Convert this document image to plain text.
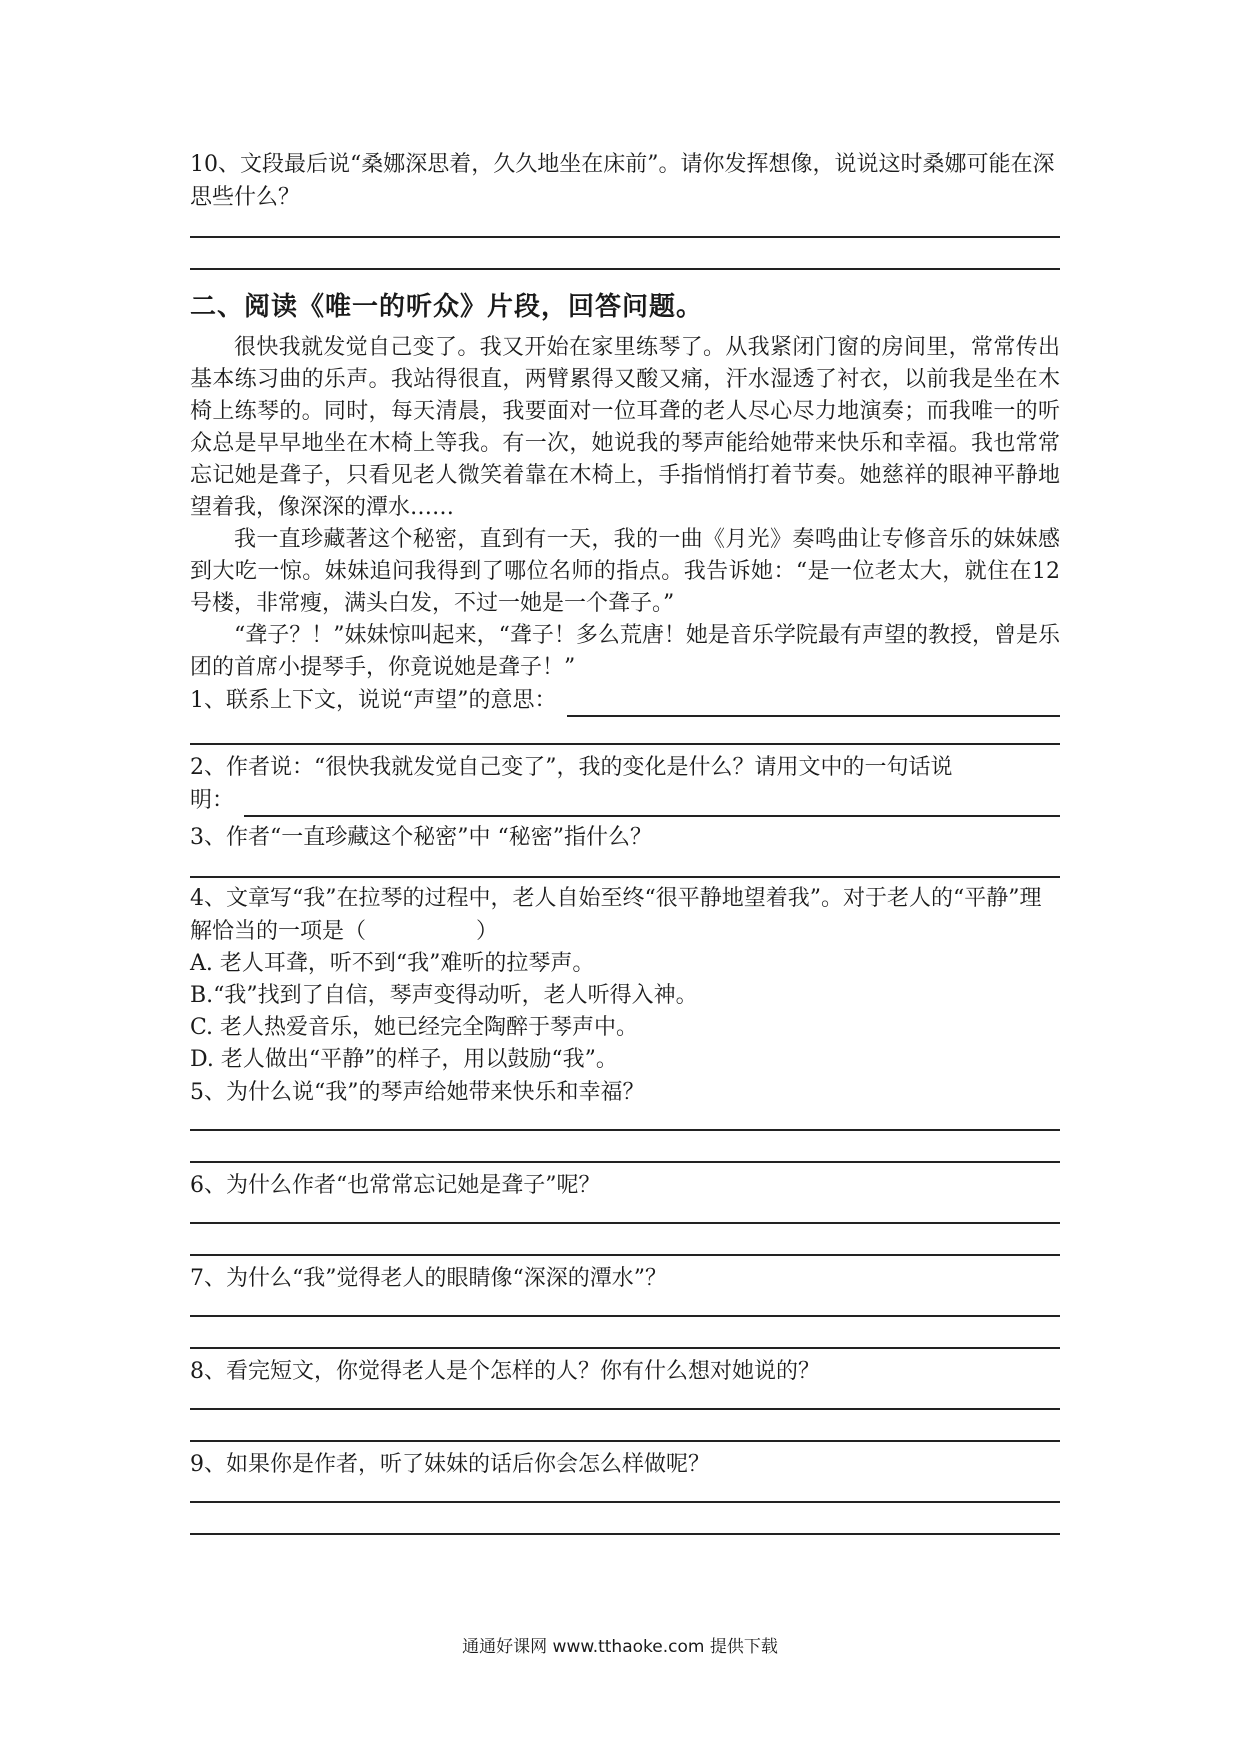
10、文段最后说“桑娜深思着，久久地坐在床前”。请你发挥想像，说说这时桑娜可能在深思些什么？

二、阅读《唯一的听众》片段，回答问题。

很快我就发觉自己变了。我又开始在家里练琴了。从我紧闭门窗的房间里，常常传出基本练习曲的乐声。我站得很直，两臂累得又酸又痛，汗水湿透了衬衣，以前我是坐在木椅上练琴的。同时，每天清晨，我要面对一位耳聋的老人尽心尽力地演奏；而我唯一的听众总是早早地坐在木椅上等我。有一次，她说我的琴声能给她带来快乐和幸福。我也常常忘记她是聋子，只看见老人微笑着靠在木椅上，手指悄悄打着节奏。她慈祥的眼神平静地望着我，像深深的潭水……

我一直珍藏著这个秘密，直到有一天，我的一曲《月光》奏鸣曲让专修音乐的妹妹感到大吃一惊。妹妹追问我得到了哪位名师的指点。我告诉她：“是一位老太大，就住在12号楼，非常瘦，满头白发，不过一她是一个聋子。”

“聋子？！”妹妹惊叫起来，“聋子！多么荒唐！她是音乐学院最有声望的教授，曾是乐团的首席小提琴手，你竟说她是聋子！”

1、联系上下文，说说“声望”的意思：

2、作者说：“很快我就发觉自己变了”，我的变化是什么？请用文中的一句话说

明：

3、作者“一直珍藏这个秘密”中 “秘密”指什么？

4、文章写“我”在拉琴的过程中，老人自始至终“很平静地望着我”。对于老人的“平静”理解恰当的一项是（　　　　　）

A. 老人耳聋，听不到“我”难听的拉琴声。

B.“我”找到了自信，琴声变得动听，老人听得入神。

C. 老人热爱音乐，她已经完全陶醉于琴声中。

D. 老人做出“平静”的样子，用以鼓励“我”。

5、为什么说“我”的琴声给她带来快乐和幸福？

6、为什么作者“也常常忘记她是聋子”呢？

7、为什么“我”觉得老人的眼睛像“深深的潭水”？

8、看完短文，你觉得老人是个怎样的人？你有什么想对她说的？

9、如果你是作者，听了妹妹的话后你会怎么样做呢？

通通好课网 www.tthaoke.com 提供下载
